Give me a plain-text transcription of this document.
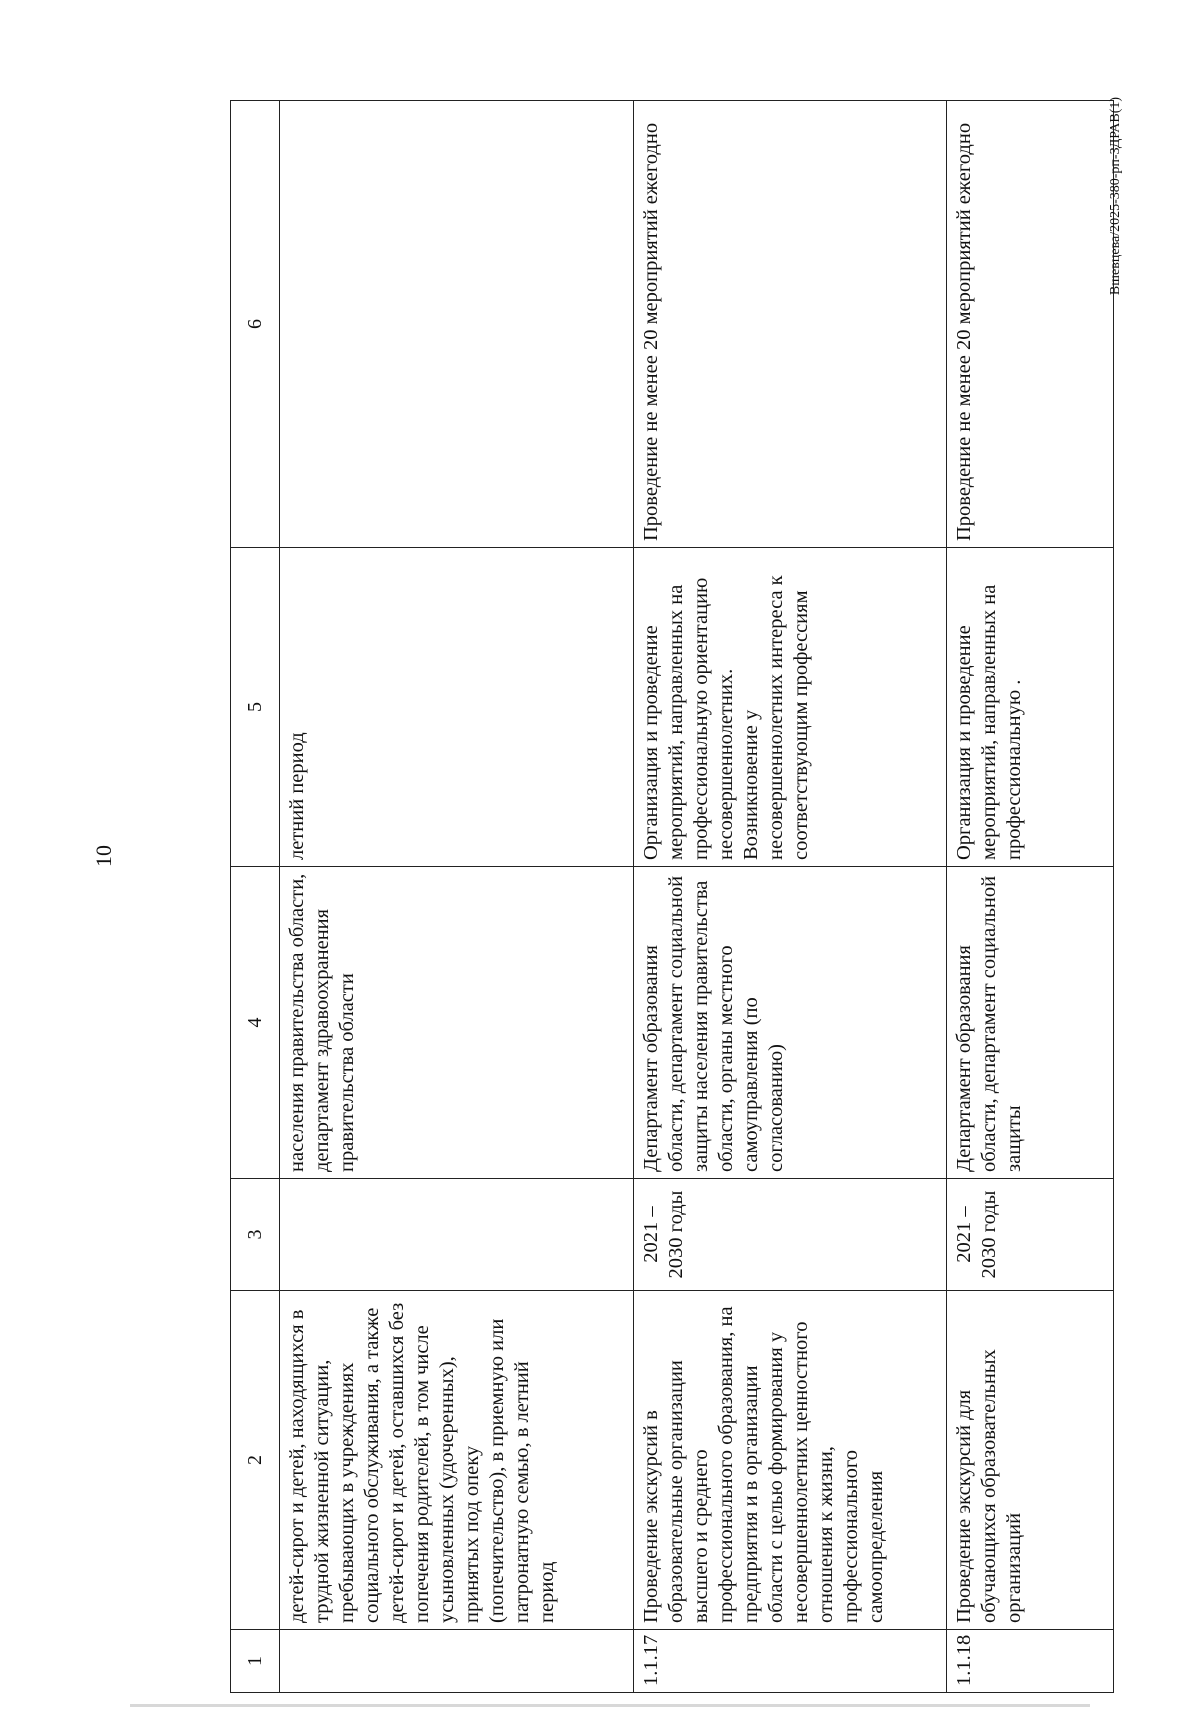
10
1	2	3	4	5	6
	детей-сирот и детей, находящихся в трудной жизненной ситуации, пребывающих в учреждениях социального обслуживания, а также детей-сирот и детей, оставшихся без попечения родителей, в том числе усыновленных (удочеренных), принятых под опеку (попечительство), в приемную или патронатную семью, в летний период		населения правительства области, департамент здравоохранения правительства области	летний период	
1.1.17	Проведение экскурсий в образовательные организации высшего и среднего профессионального образования, на предприятия и в организации области с целью формирования у несовершеннолетних ценностного отношения к жизни, профессионального самоопределения	2021 – 2030 годы	Департамент образования области, департамент социальной защиты населения правительства области, органы местного самоуправления (по согласованию)	Организация и проведение мероприятий, направленных на профессиональную ориентацию несовершеннолетних. Возникновение у несовершеннолетних интереса к соответствующим профессиям	Проведение не менее 20 мероприятий ежегодно
1.1.18	Проведение экскурсий для обучающихся образовательных организаций	2021 – 2030 годы	Департамент образования области, департамент социальной защиты	Организация и проведение мероприятий, направленных на профессиональную .	Проведение не менее 20 мероприятий ежегодно	Вшевцева/2025-380-рп-ЗДРАВ(1)
